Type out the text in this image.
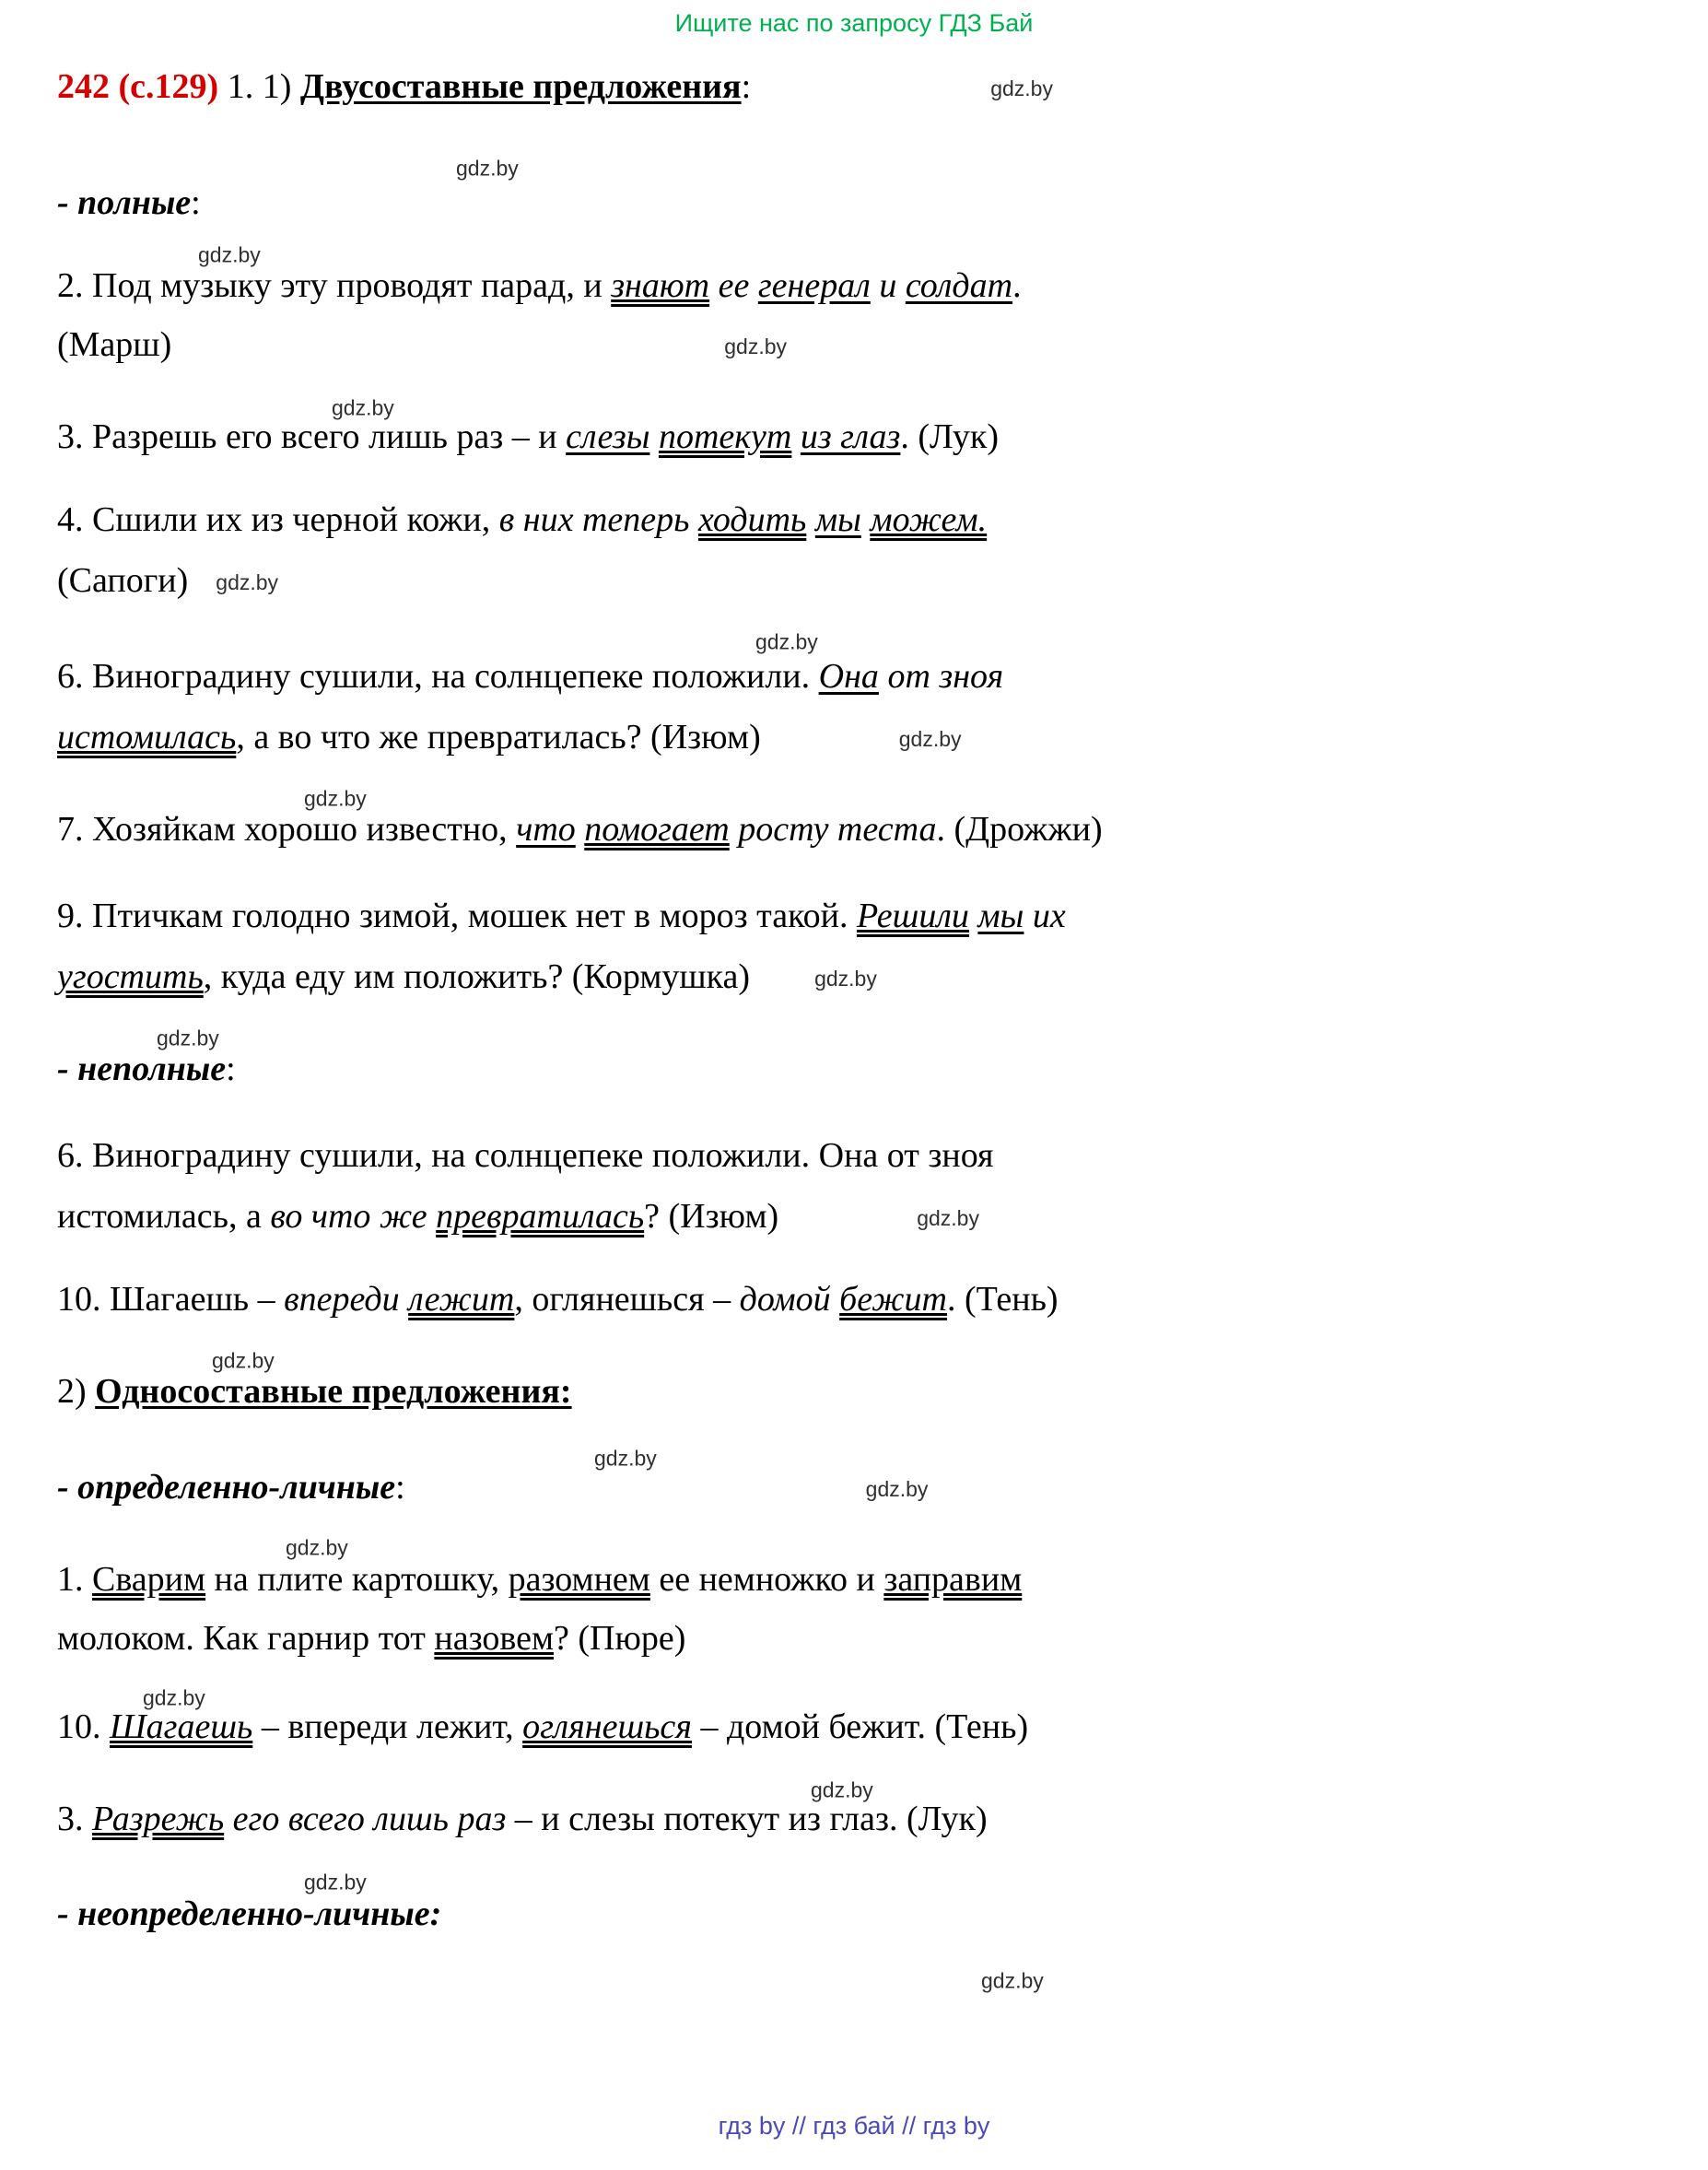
Ищите нас по запросу ГДЗ Бай
242 (с.129) 1. 1) Двусоставные предложения:	gdz.by
gdz.by
- полные:
gdz.by
2. Под музыку эту проводят парад, и знают ее генерал и солдат.
(Марш)	gdz.by
gdz.by
3. Разрешь его всего лишь раз – и слезы потекут из глаз. (Лук)
4. Сшили их из черной кожи, в них теперь ходить мы можем.
(Сапоги) gdz.by
gdz.by
6. Виноградину сушили, на солнцепеке положили. Она от зноя
истомилась, а во что же превратилась? (Изюм)	gdz.by
gdz.by
7. Хозяйкам хорошо известно, что помогает росту теста. (Дрожжи)
9. Птичкам голодно зимой, мошек нет в мороз такой. Решили мы их
угостить, куда еду им положить? (Кормушка)	gdz.by
gdz.by
- неполные:
6. Виноградину сушили, на солнцепеке положили. Она от зноя
истомилась, а во что же превратилась? (Изюм)	gdz.by
10. Шагаешь – впереди лежит, оглянешься – домой бежит. (Тень)
gdz.by
2) Односоставные предложения:
gdz.by
- определенно-личные:	gdz.by
gdz.by
1. Сварим на плите картошку, разомнем ее немножко и заправим
молоком. Как гарнир тот назовем? (Пюре)
gdz.by
10. Шагаешь – впереди лежит, оглянешься – домой бежит. (Тень)
gdz.by
3. Разрежь его всего лишь раз – и слезы потекут из глаз. (Лук)
gdz.by
- неопределенно-личные:
gdz.by
гдз by // гдз бай // гдз by
